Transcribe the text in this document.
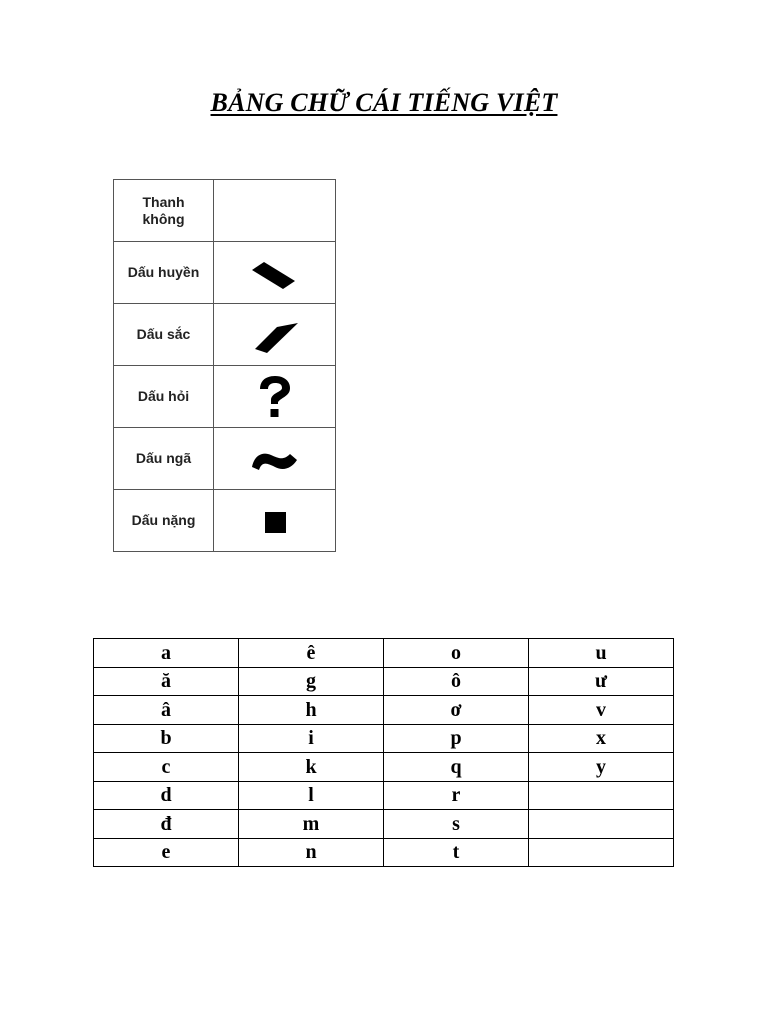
BẢNG CHỮ CÁI TIẾNG VIỆT
Thanh không	
Dấu huyền	

Dấu sắc	

Dấu hỏi	

Dấu ngã	

Dấu nặng	
a	ê	o	u
ă	g	ô	ư
â	h	ơ	v
b	i	p	x
c	k	q	y
d	l	r	
đ	m	s	
e	n	t	
